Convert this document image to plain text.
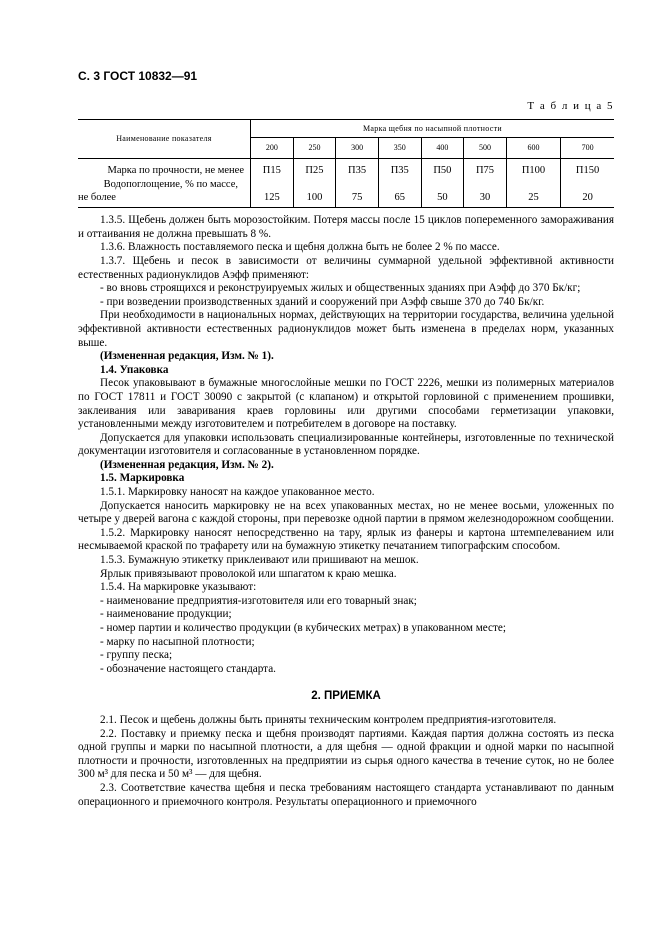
С. 3 ГОСТ 10832—91
Т а б л и ц а 5
Наименование показателя	Марка щебня по насыпной плотности							
	200	250	300	350	400	500	600	700
Марка по прочности, не менее	П15	П25	П35	П35	П50	П75	П100	П150

Водопоглощение, % по массе,
не более	125	100	75	65	50	30	25	20

1.3.5. Щебень должен быть морозостойким. Потеря массы после 15 циклов попеременного замораживания и оттаивания не должна превышать 8 %.

1.3.6. Влажность поставляемого песка и щебня должна быть не более 2 % по массе.

1.3.7. Щебень и песок в зависимости от величины суммарной удельной эффективной активности естественных радионуклидов Aэфф применяют:

- во вновь строящихся и реконструируемых жилых и общественных зданиях при Aэфф до 370 Бк/кг;

- при возведении производственных зданий и сооружений при Aэфф свыше 370 до 740 Бк/кг.

При необходимости в национальных нормах, действующих на территории государства, величина удельной эффективной активности естественных радионуклидов может быть изменена в пределах норм, указанных выше.

(Измененная редакция, Изм. № 1).

1.4. Упаковка

Песок упаковывают в бумажные многослойные мешки по ГОСТ 2226, мешки из полимерных материалов по ГОСТ 17811 и ГОСТ 30090 с закрытой (с клапаном) и открытой горловиной с применением прошивки, заклеивания или заваривания краев горловины или другими способами герметизации упаковки, установленными между изготовителем и потребителем в договоре на поставку.

Допускается для упаковки использовать специализированные контейнеры, изготовленные по технической документации изготовителя и согласованные в установленном порядке.

(Измененная редакция, Изм. № 2).

1.5. Маркировка

1.5.1. Маркировку наносят на каждое упакованное место.

Допускается наносить маркировку не на всех упакованных местах, но не менее восьми, уложенных по четыре у дверей вагона с каждой стороны, при перевозке одной партии в прямом железнодорожном сообщении.

1.5.2. Маркировку наносят непосредственно на тару, ярлык из фанеры и картона штемпелеванием или несмываемой краской по трафарету или на бумажную этикетку печатанием типографским способом.

1.5.3. Бумажную этикетку приклеивают или пришивают на мешок.

Ярлык привязывают проволокой или шпагатом к краю мешка.

1.5.4. На маркировке указывают:

- наименование предприятия-изготовителя или его товарный знак;

- наименование продукции;

- номер партии и количество продукции (в кубических метрах) в упакованном месте;

- марку по насыпной плотности;

- группу песка;

- обозначение настоящего стандарта.

2. ПРИЕМКА

2.1. Песок и щебень должны быть приняты техническим контролем предприятия-изготовителя.

2.2. Поставку и приемку песка и щебня производят партиями. Каждая партия должна состоять из песка одной группы и марки по насыпной плотности, а для щебня — одной фракции и одной марки по насыпной плотности и прочности, изготовленных на предприятии из сырья одного качества в течение суток, но не более 300 м³ для песка и 50 м³ — для щебня.

2.3. Соответствие качества щебня и песка требованиям настоящего стандарта устанавливают по данным операционного и приемочного контроля. Результаты операционного и приемочного
